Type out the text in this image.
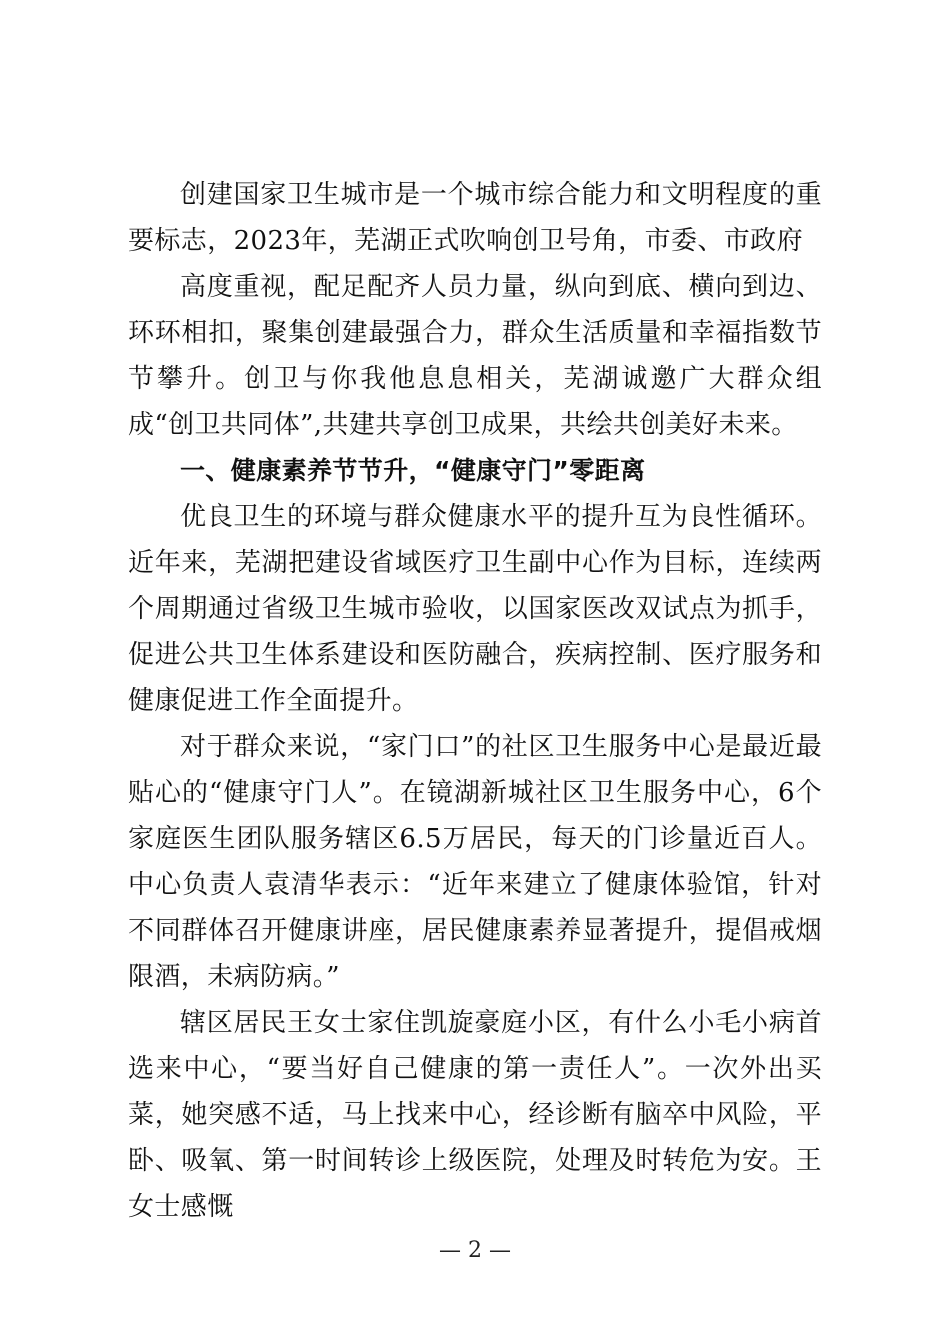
创建国家卫生城市是一个城市综合能力和文明程度的重要标志，2023年，芜湖正式吹响创卫号角，市委、市政府

高度重视，配足配齐人员力量，纵向到底、横向到边、环环相扣，聚集创建最强合力，群众生活质量和幸福指数节节攀升。创卫与你我他息息相关，芜湖诚邀广大群众组成“创卫共同体”,共建共享创卫成果，共绘共创美好未来。

一、健康素养节节升，“健康守门”零距离

优良卫生的环境与群众健康水平的提升互为良性循环。近年来，芜湖把建设省域医疗卫生副中心作为目标，连续两个周期通过省级卫生城市验收，以国家医改双试点为抓手，促进公共卫生体系建设和医防融合，疾病控制、医疗服务和健康促进工作全面提升。

对于群众来说，“家门口”的社区卫生服务中心是最近最贴心的“健康守门人”。在镜湖新城社区卫生服务中心，6个家庭医生团队服务辖区6.5万居民，每天的门诊量近百人。中心负责人袁清华表示：“近年来建立了健康体验馆，针对不同群体召开健康讲座，居民健康素养显著提升，提倡戒烟限酒，未病防病。”

辖区居民王女士家住凯旋豪庭小区，有什么小毛小病首选来中心，“要当好自己健康的第一责任人”。一次外出买菜，她突感不适，马上找来中心，经诊断有脑卒中风险，平卧、吸氧、第一时间转诊上级医院，处理及时转危为安。王女士感慨

— 2 —
